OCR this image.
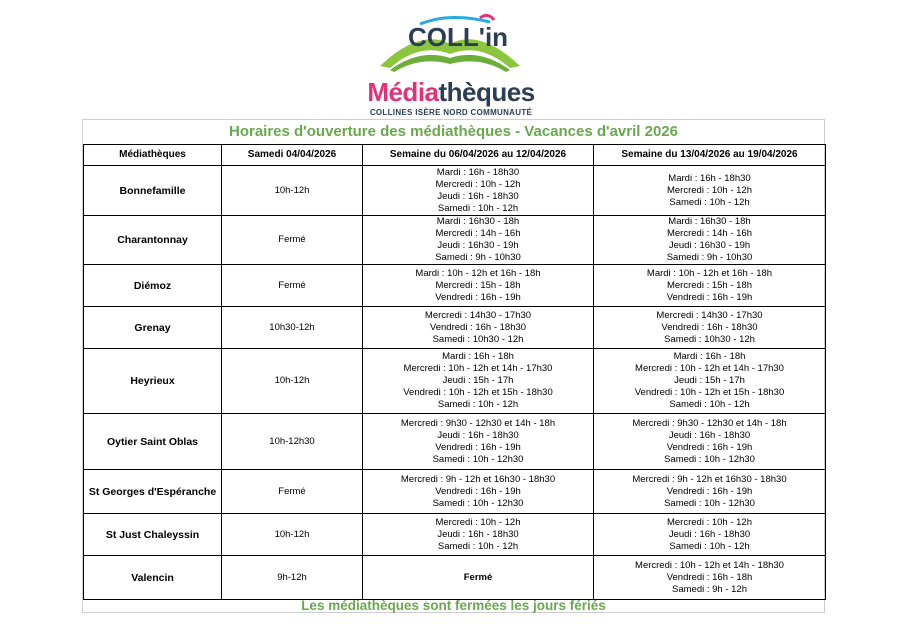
COLL'in
Médiathèques
COLLINES ISÈRE NORD COMMUNAUTÉ
Horaires d'ouverture des médiathèques - Vacances d'avril 2026
Médiathèques	Samedi 04/04/2026	Semaine du 06/04/2026 au 12/04/2026	Semaine du 13/04/2026 au 19/04/2026
Bonnefamille	10h-12h	Mardi : 16h - 18h30
Mercredi : 10h - 12h
Jeudi : 16h - 18h30
Samedi : 10h - 12h	Mardi : 16h - 18h30
Mercredi : 10h - 12h
Samedi : 10h - 12h

Charantonnay	Fermé	Mardi : 16h30 - 18h
Mercredi : 14h - 16h
Jeudi : 16h30 - 19h
Samedi : 9h - 10h30	Mardi : 16h30 - 18h
Mercredi : 14h - 16h
Jeudi : 16h30 - 19h
Samedi : 9h - 10h30

Diémoz	Fermé	Mardi : 10h - 12h et 16h - 18h
Mercredi : 15h - 18h
Vendredi : 16h - 19h	Mardi : 10h - 12h et 16h - 18h
Mercredi : 15h - 18h
Vendredi : 16h - 19h

Grenay	10h30-12h	Mercredi : 14h30 - 17h30
Vendredi : 16h - 18h30
Samedi : 10h30 - 12h	Mercredi : 14h30 - 17h30
Vendredi : 16h - 18h30
Samedi : 10h30 - 12h

Heyrieux	10h-12h	Mardi : 16h - 18h
Mercredi : 10h - 12h et 14h - 17h30
Jeudi : 15h - 17h
Vendredi : 10h - 12h et 15h - 18h30
Samedi : 10h - 12h	Mardi : 16h - 18h
Mercredi : 10h - 12h et 14h - 17h30
Jeudi : 15h - 17h
Vendredi : 10h - 12h et 15h - 18h30
Samedi : 10h - 12h

Oytier Saint Oblas	10h-12h30	Mercredi : 9h30 - 12h30 et 14h - 18h
Jeudi : 16h - 18h30
Vendredi : 16h - 19h
Samedi : 10h - 12h30	Mercredi : 9h30 - 12h30 et 14h - 18h
Jeudi : 16h - 18h30
Vendredi : 16h - 19h
Samedi : 10h - 12h30

St Georges d'Espéranche	Fermé	Mercredi : 9h - 12h et 16h30 - 18h30
Vendredi : 16h - 19h
Samedi : 10h - 12h30	Mercredi : 9h - 12h et 16h30 - 18h30
Vendredi : 16h - 19h
Samedi : 10h - 12h30

St Just Chaleyssin	10h-12h	Mercredi : 10h - 12h
Jeudi : 16h - 18h30
Samedi : 10h - 12h	Mercredi : 10h - 12h
Jeudi : 16h - 18h30
Samedi : 10h - 12h

Valencin	9h-12h	Fermé	Mercredi : 10h - 12h et 14h - 18h30
Vendredi : 16h - 18h
Samedi : 9h - 12h
Les médiathèques sont fermées les jours fériés
